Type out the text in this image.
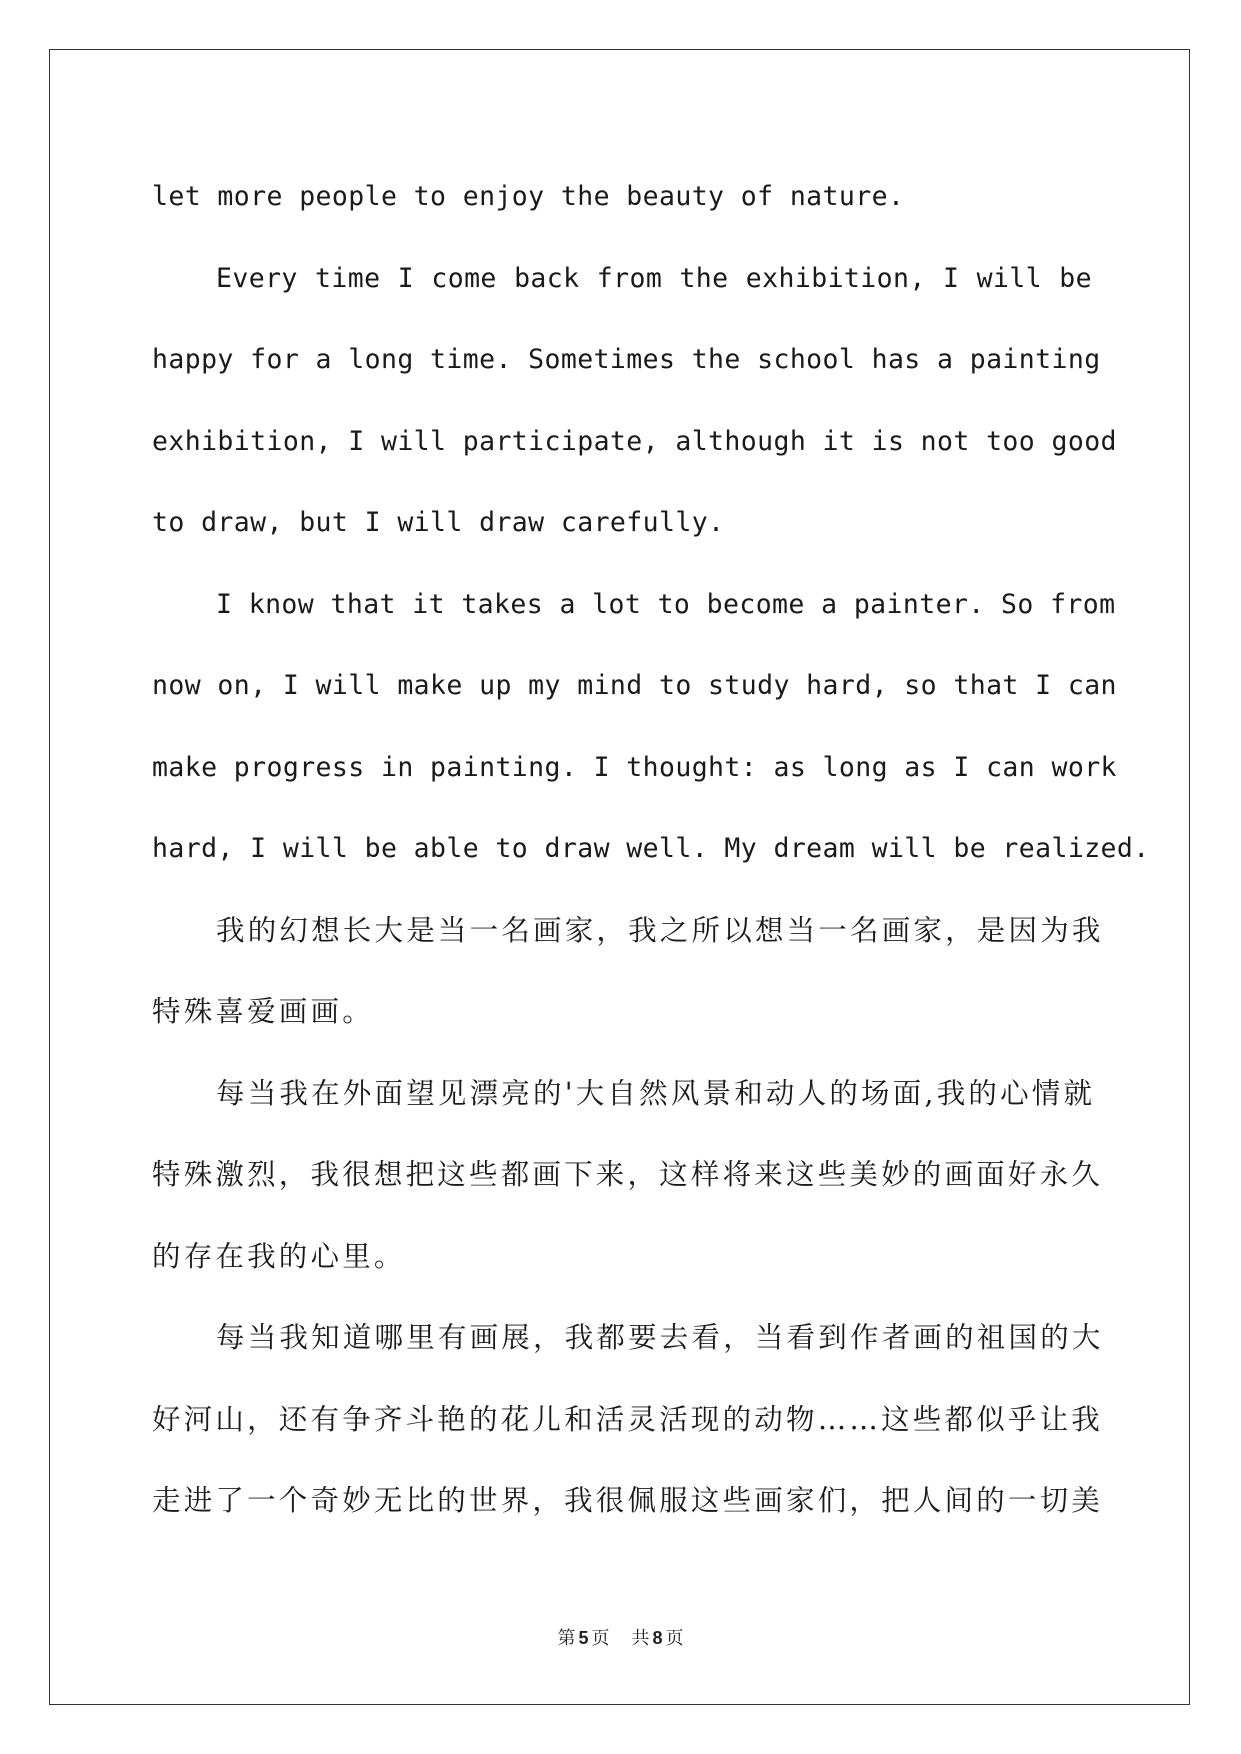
let more people to enjoy the beauty of nature.
Every time I come back from the exhibition, I will be
happy for a long time. Sometimes the school has a painting
exhibition, I will participate, although it is not too good
to draw, but I will draw carefully.
I know that it takes a lot to become a painter. So from
now on, I will make up my mind to study hard, so that I can
make progress in painting. I thought: as long as I can work
hard, I will be able to draw well. My dream will be realized.
我的幻想长大是当一名画家，我之所以想当一名画家，是因为我
特殊喜爱画画。
每当我在外面望见漂亮的'大自然风景和动人的场面,我的心情就
特殊激烈，我很想把这些都画下来，这样将来这些美妙的画面好永久
的存在我的心里。
每当我知道哪里有画展，我都要去看，当看到作者画的祖国的大
好河山，还有争齐斗艳的花儿和活灵活现的动物……这些都似乎让我
走进了一个奇妙无比的世界，我很佩服这些画家们，把人间的一切美
第 5 页 共 8 页
